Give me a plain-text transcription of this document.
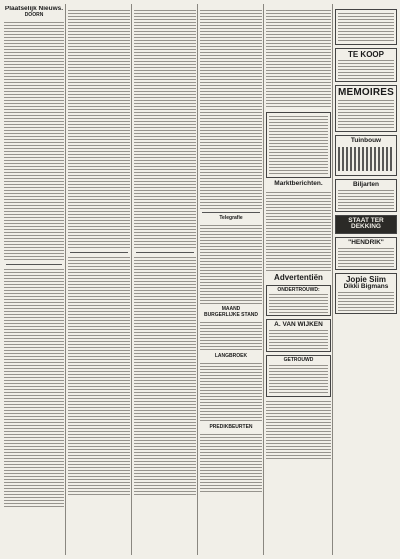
Plaatselijk Nieuws.
DOORN
Telegrafie
MAAND
BURGERLIJKE STAND
LANGBROEK
PREDIKBEURTEN
Marktberichten.
Advertentiën
ONDERTROUWD:
A. VAN WIJKEN
GETROUWD
TE KOOP
MEMOIRES
Tuinbouw
Biljarten
STAAT TER DEKKING
"HENDRIK"
Jopie Siim
Dikki Bigmans
